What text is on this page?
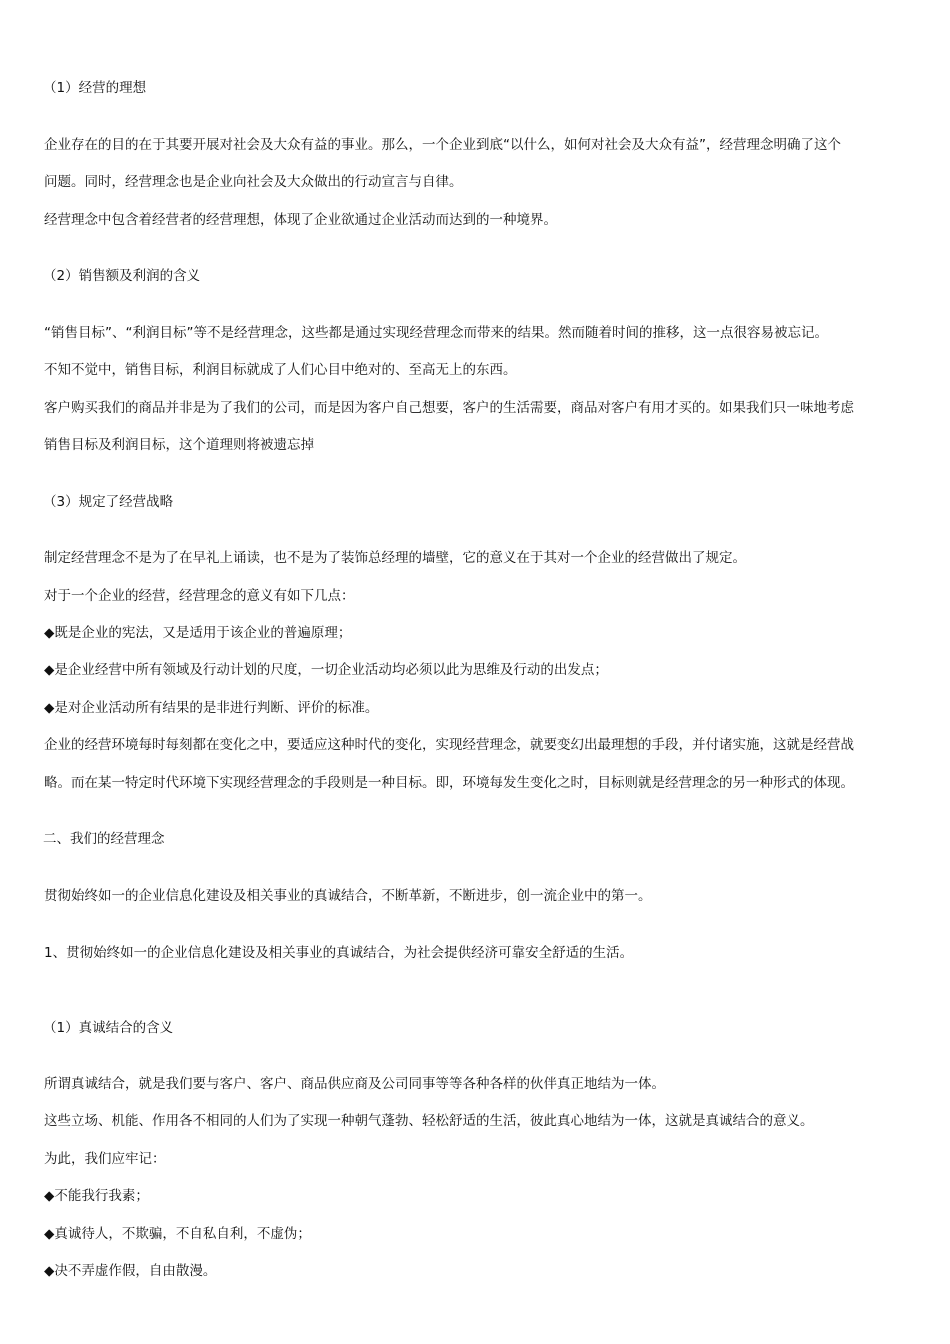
（1）经营的理想
企业存在的目的在于其要开展对社会及大众有益的事业。那么，一个企业到底“以什么，如何对社会及大众有益”，经营理念明确了这个
问题。同时，经营理念也是企业向社会及大众做出的行动宣言与自律。
经营理念中包含着经营者的经营理想，体现了企业欲通过企业活动而达到的一种境界。
（2）销售额及利润的含义
“销售目标”、“利润目标”等不是经营理念，这些都是通过实现经营理念而带来的结果。然而随着时间的推移，这一点很容易被忘记。
不知不觉中，销售目标，利润目标就成了人们心目中绝对的、至高无上的东西。
客户购买我们的商品并非是为了我们的公司，而是因为客户自己想要，客户的生活需要，商品对客户有用才买的。如果我们只一味地考虑
销售目标及利润目标，这个道理则将被遗忘掉
（3）规定了经营战略
制定经营理念不是为了在早礼上诵读，也不是为了装饰总经理的墙壁，它的意义在于其对一个企业的经营做出了规定。
对于一个企业的经营，经营理念的意义有如下几点：
◆既是企业的宪法，又是适用于该企业的普遍原理；
◆是企业经营中所有领域及行动计划的尺度，一切企业活动均必须以此为思维及行动的出发点；
◆是对企业活动所有结果的是非进行判断、评价的标准。
企业的经营环境每时每刻都在变化之中，要适应这种时代的变化，实现经营理念，就要变幻出最理想的手段，并付诸实施，这就是经营战
略。而在某一特定时代环境下实现经营理念的手段则是一种目标。即，环境每发生变化之时，目标则就是经营理念的另一种形式的体现。
二、我们的经营理念
贯彻始终如一的企业信息化建设及相关事业的真诚结合，不断革新，不断进步，创一流企业中的第一。
1、贯彻始终如一的企业信息化建设及相关事业的真诚结合，为社会提供经济可靠安全舒适的生活。
（1）真诚结合的含义
所谓真诚结合，就是我们要与客户、客户、商品供应商及公司同事等等各种各样的伙伴真正地结为一体。
这些立场、机能、作用各不相同的人们为了实现一种朝气蓬勃、轻松舒适的生活，彼此真心地结为一体，这就是真诚结合的意义。
为此，我们应牢记：
◆不能我行我素；
◆真诚待人，不欺骗，不自私自利，不虚伪；
◆决不弄虚作假，自由散漫。
